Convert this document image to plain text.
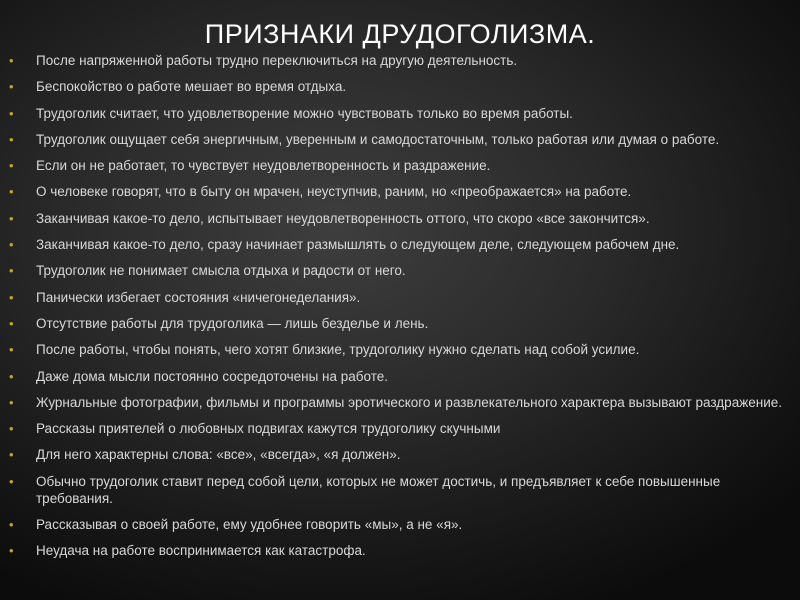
ПРИЗНАКИ ДРУДОГОЛИЗМА.
• После напряженной работы трудно переключиться на другую деятельность.
• Беспокойство о работе мешает во время отдыха.
• Трудоголик считает, что удовлетворение можно чувствовать только во время работы.
• Трудоголик ощущает себя энергичным, уверенным и самодостаточным, только работая или думая о работе.
• Если он не работает, то чувствует неудовлетворенность и раздражение.
• О человеке говорят, что в быту он мрачен, неуступчив, раним, но «преображается» на работе.
• Заканчивая какое-то дело, испытывает неудовлетворенность оттого, что скоро «все закончится».
• Заканчивая какое-то дело, сразу начинает размышлять о следующем деле, следующем рабочем дне.
• Трудоголик не понимает смысла отдыха и радости от него.
• Панически избегает состояния «ничегонеделания».
• Отсутствие работы для трудоголика — лишь безделье и лень.
• После работы, чтобы понять, чего хотят близкие, трудоголику нужно сделать над собой усилие.
• Даже дома мысли постоянно сосредоточены на работе.
• Журнальные фотографии, фильмы и программы эротического и развлекательного характера вызывают раздражение.
• Рассказы приятелей о любовных подвигах кажутся трудоголику скучными
• Для него характерны слова: «все», «всегда», «я должен».
• Обычно трудоголик ставит перед собой цели, которых не может достичь, и предъявляет к себе повышенные требования.
• Рассказывая о своей работе, ему удобнее говорить «мы», а не «я».
• Неудача на работе воспринимается как катастрофа.
